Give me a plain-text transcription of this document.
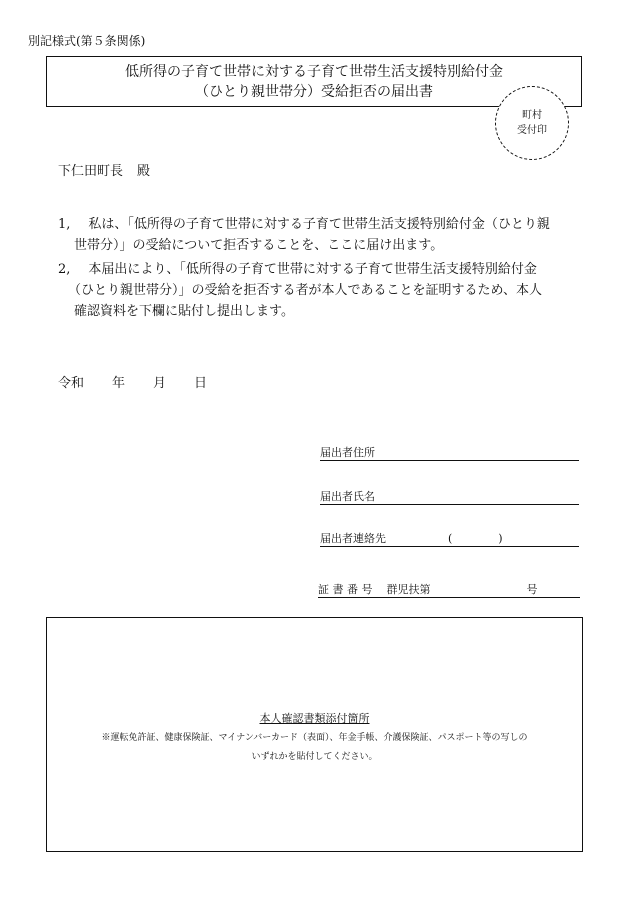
別記様式(第５条関係)
低所得の子育て世帯に対する子育て世帯生活支援特別給付金
（ひとり親世帯分）受給拒否の届出書
町村
受付印
下仁田町長 殿
1, 私は、「低所得の子育て世帯に対する子育て世帯生活支援特別給付金（ひとり親
世帯分）」の受給について拒否することを、ここに届け出ます。
2, 本届出により、「低所得の子育て世帯に対する子育て世帯生活支援特別給付金
（ひとり親世帯分）」の受給を拒否する者が本人であることを証明するため、本人
確認資料を下欄に貼付し提出します。
令和 年 月 日
届出者住所
届出者氏名
届出者連絡先	(	)
証 書 番 号 群児扶第	号
本人確認書類添付箇所
※運転免許証、健康保険証、マイナンバーカード（表面）、年金手帳、介護保険証、パスポート等の写しの
いずれかを貼付してください。
